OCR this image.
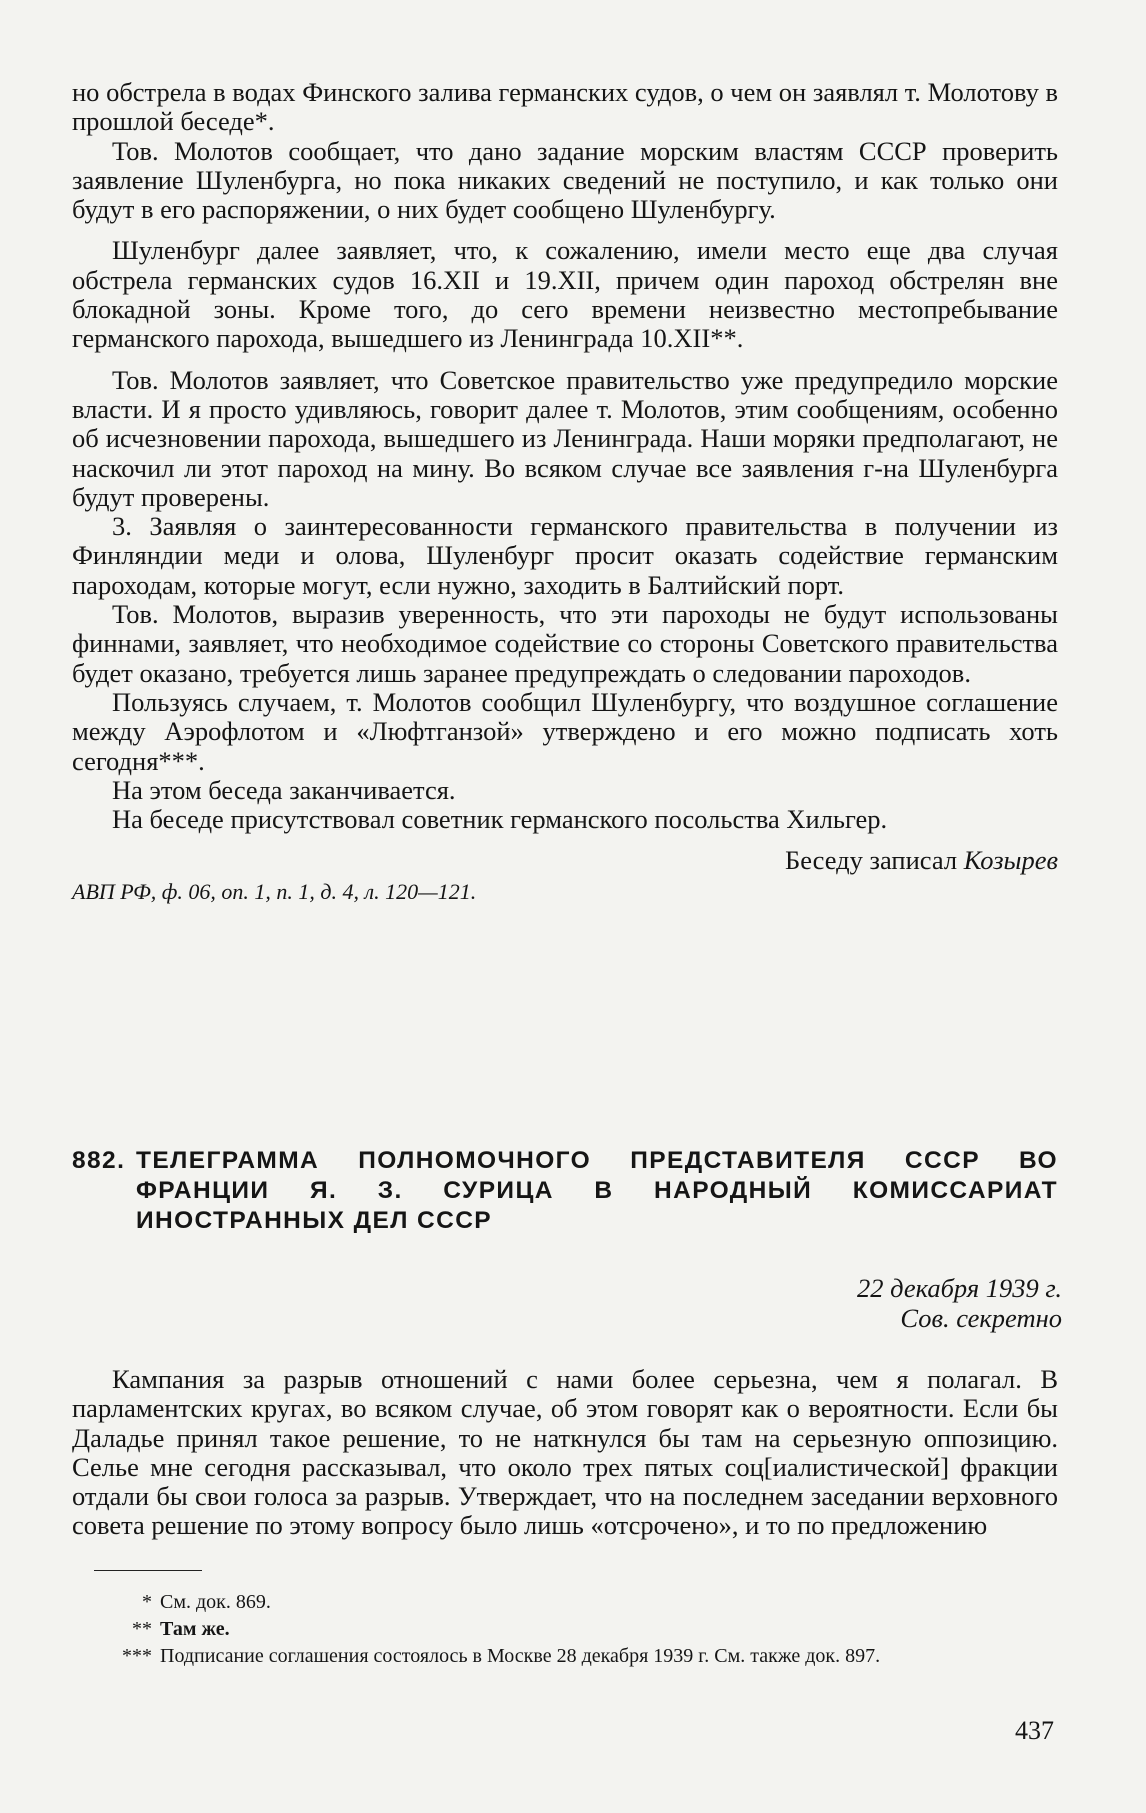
но обстрела в водах Финского залива германских судов, о чем он заявлял т. Молотову в прошлой беседе*.

Тов. Молотов сообщает, что дано задание морским властям СССР проверить заявление Шуленбурга, но пока никаких сведений не поступило, и как только они будут в его распоряжении, о них будет сообщено Шуленбургу.

Шуленбург далее заявляет, что, к сожалению, имели место еще два случая обстрела германских судов 16.XII и 19.XII, причем один пароход обстрелян вне блокадной зоны. Кроме того, до сего времени неизвестно местопребывание германского парохода, вышедшего из Ленинграда 10.XII**.

Тов. Молотов заявляет, что Советское правительство уже предупредило морские власти. И я просто удивляюсь, говорит далее т. Молотов, этим сообщениям, особенно об исчезновении парохода, вышедшего из Ленинграда. Наши моряки предполагают, не наскочил ли этот пароход на мину. Во всяком случае все заявления г-на Шуленбурга будут проверены.

3. Заявляя о заинтересованности германского правительства в получении из Финляндии меди и олова, Шуленбург просит оказать содействие германским пароходам, которые могут, если нужно, заходить в Балтийский порт.

Тов. Молотов, выразив уверенность, что эти пароходы не будут использованы финнами, заявляет, что необходимое содействие со стороны Советского правительства будет оказано, требуется лишь заранее предупреждать о следовании пароходов.

Пользуясь случаем, т. Молотов сообщил Шуленбургу, что воздушное соглашение между Аэрофлотом и «Люфтганзой» утверждено и его можно подписать хоть сегодня***.

На этом беседа заканчивается.

На беседе присутствовал советник германского посольства Хильгер.

Беседу записал Козырев

АВП РФ, ф. 06, оп. 1, п. 1, д. 4, л. 120—121.

882. ТЕЛЕГРАММА ПОЛНОМОЧНОГО ПРЕДСТАВИТЕЛЯ СССР ВО ФРАНЦИИ Я. З. СУРИЦА В НАРОДНЫЙ КОМИССАРИАТ ИНОСТРАННЫХ ДЕЛ СССР
22 декабря 1939 г.
Сов. секретно

Кампания за разрыв отношений с нами более серьезна, чем я полагал. В парламентских кругах, во всяком случае, об этом говорят как о вероятности. Если бы Даладье принял такое решение, то не наткнулся бы там на серьезную оппозицию. Селье мне сегодня рассказывал, что около трех пятых соц[иалистической] фракции отдали бы свои голоса за разрыв. Утверждает, что на последнем заседании верховного совета решение по этому вопросу было лишь «отсрочено», и то по предложению

* См. док. 869.
** Там же.
*** Подписание соглашения состоялось в Москве 28 декабря 1939 г. См. также док. 897.
437
